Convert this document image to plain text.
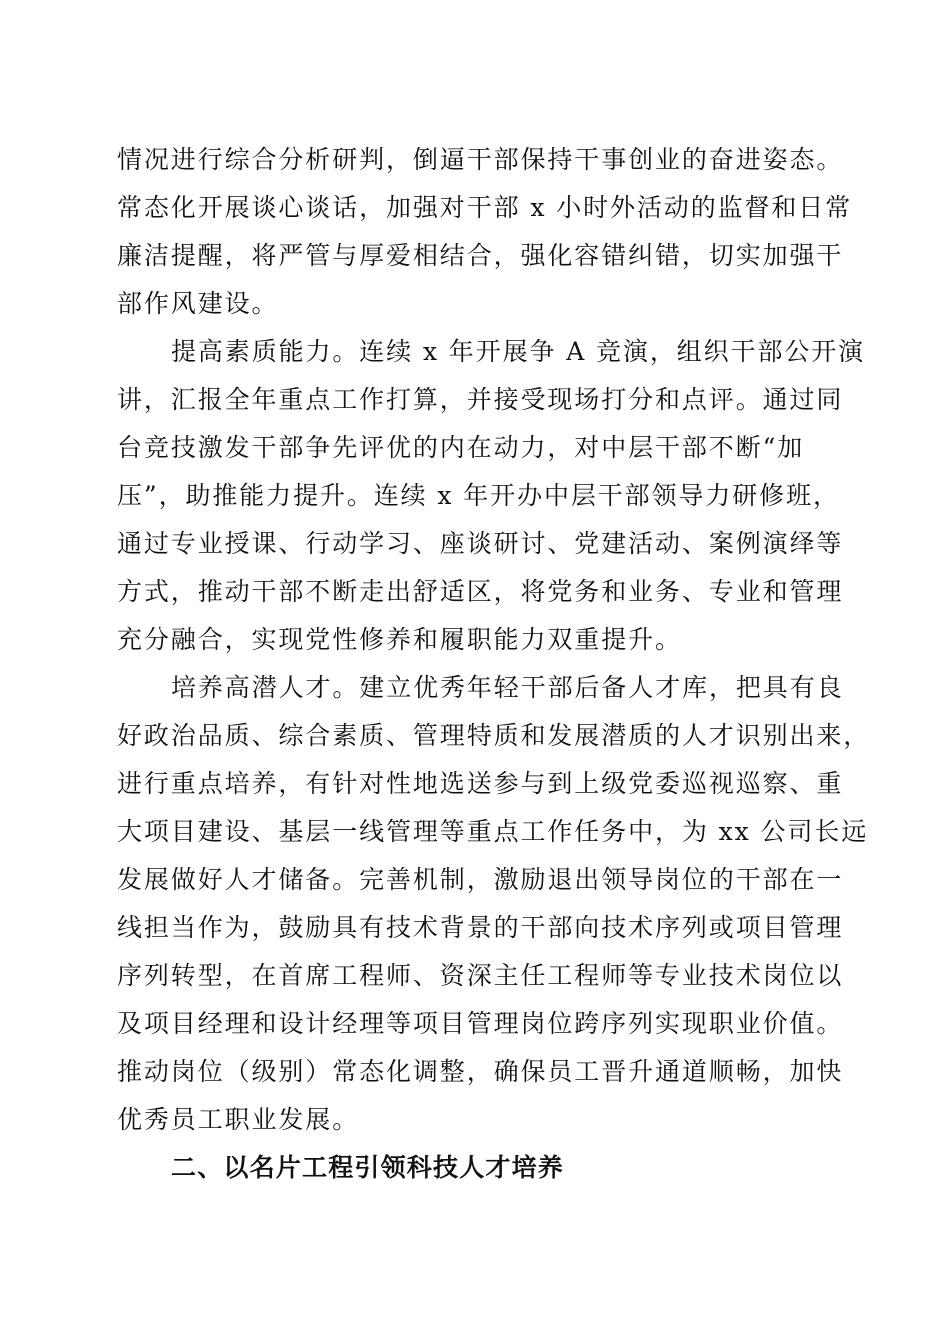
情况进行综合分析研判，倒逼干部保持干事创业的奋进姿态。
常态化开展谈心谈话，加强对干部 x 小时外活动的监督和日常
廉洁提醒，将严管与厚爱相结合，强化容错纠错，切实加强干
部作风建设。
提高素质能力。连续 x 年开展争 A 竞演，组织干部公开演
讲，汇报全年重点工作打算，并接受现场打分和点评。通过同
台竞技激发干部争先评优的内在动力，对中层干部不断“加
压”，助推能力提升。连续 x 年开办中层干部领导力研修班，
通过专业授课、行动学习、座谈研讨、党建活动、案例演绎等
方式，推动干部不断走出舒适区，将党务和业务、专业和管理
充分融合，实现党性修养和履职能力双重提升。
培养高潜人才。建立优秀年轻干部后备人才库，把具有良
好政治品质、综合素质、管理特质和发展潜质的人才识别出来，
进行重点培养，有针对性地选送参与到上级党委巡视巡察、重
大项目建设、基层一线管理等重点工作任务中，为 xx 公司长远
发展做好人才储备。完善机制，激励退出领导岗位的干部在一
线担当作为，鼓励具有技术背景的干部向技术序列或项目管理
序列转型，在首席工程师、资深主任工程师等专业技术岗位以
及项目经理和设计经理等项目管理岗位跨序列实现职业价值。
推动岗位（级别）常态化调整，确保员工晋升通道顺畅，加快
优秀员工职业发展。
二、以名片工程引领科技人才培养
